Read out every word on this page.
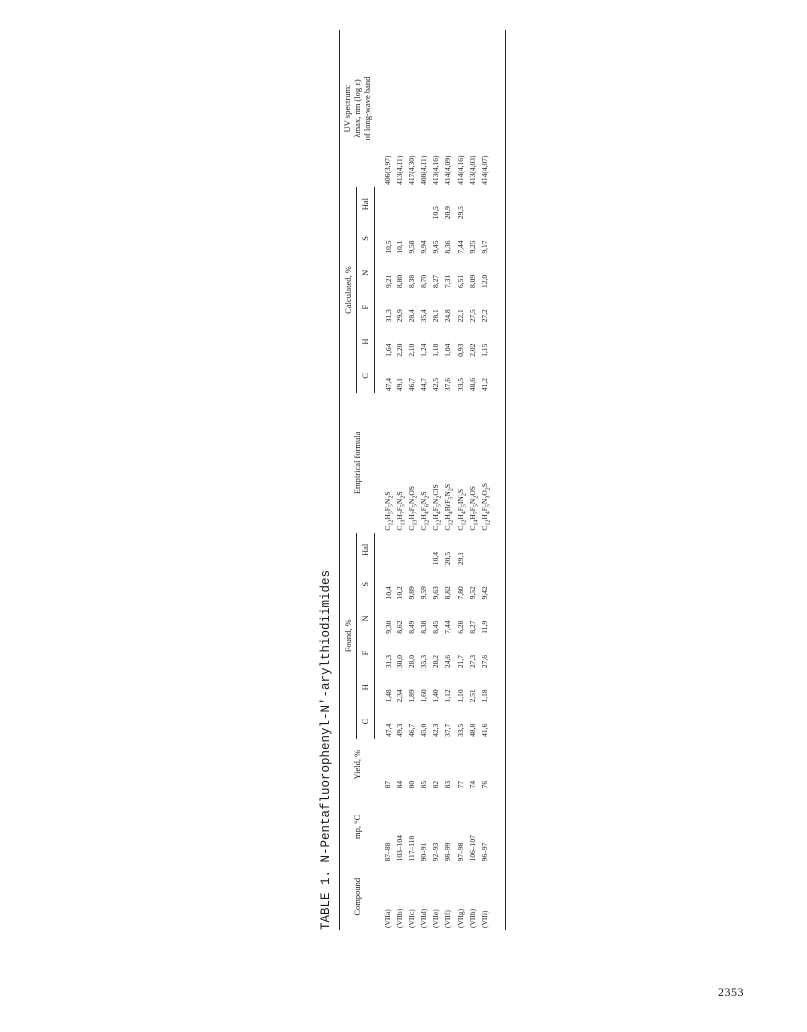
2353
TABLE 1. N-Pentafluorophenyl-N'-arylthiodiimides	Compound	mp, °C	Yield, %	Found, %						Empirical formula	Calculated, %						UV spectrum: λmax, nm (log ε) of long-wave band

			C	H	F	N	S	Hal		C	H	F	N	S	Hal	
(VIIa)	87–88	87	47,4	1,48	31,3	9,30	10,4		$C_{12}H_5F_5N_2S$	47,4	1,64	31,3	9,21	10,5		406(3,97)
(VIIb)	103–104	84	49,3	2,34	30,0	8,62	10,2		$C_{13}H_7F_5N_2S$	49,1	2,20	29,9	8,80	10,1		413(4,11)
(VIIc)	117–118	80	46,7	1,89	28,0	8,49	9,89		$C_{13}H_7F_5N_2OS$	46,7	2,10	28,4	8,38	9,58		417(4,30)
(VIId)	90–91	85	45,0	1,60	35,3	8,38	9,59		$C_{12}H_4F_6N_2S$	44,7	1,24	35,4	8,70	9,94		408(4,11)
(VIIe)	92–93	82	42,3	1,40	28,2	8,45	9,63	10,4	$C_{12}H_4F_5N_2ClS$	42,5	1,18	28,1	8,27	9,45	10,5	413(4,16)
(VIIf)	98–99	83	37,7	1,12	24,6	7,44	8,82	20,5	$C_{12}H_4BrF_5N_2S$	37,6	1,04	24,8	7,31	8,36	20,9	414(4,09)
(VIIg)	97–98	77	33,5	1,10	21,7	6,28	7,80	29,1	$C_{12}H_4F_5IN_2S$	33,5	0,93	22,1	6,51	7,44	29,5	414(4,16)
(VIIh)	106–107	74	48,8	2,51	27,3	8,27	9,52		$C_{14}H_7F_5N_2OS$	48,6	2,02	27,5	8,09	9,25		413(4,03)
(VIIi)	96–97	76	41,6	1,18	27,6	11,9	9,42		$C_{12}H_4F_5N_3O_2S$	41,2	1,15	27,2	12,0	9,17		414(4,07)
